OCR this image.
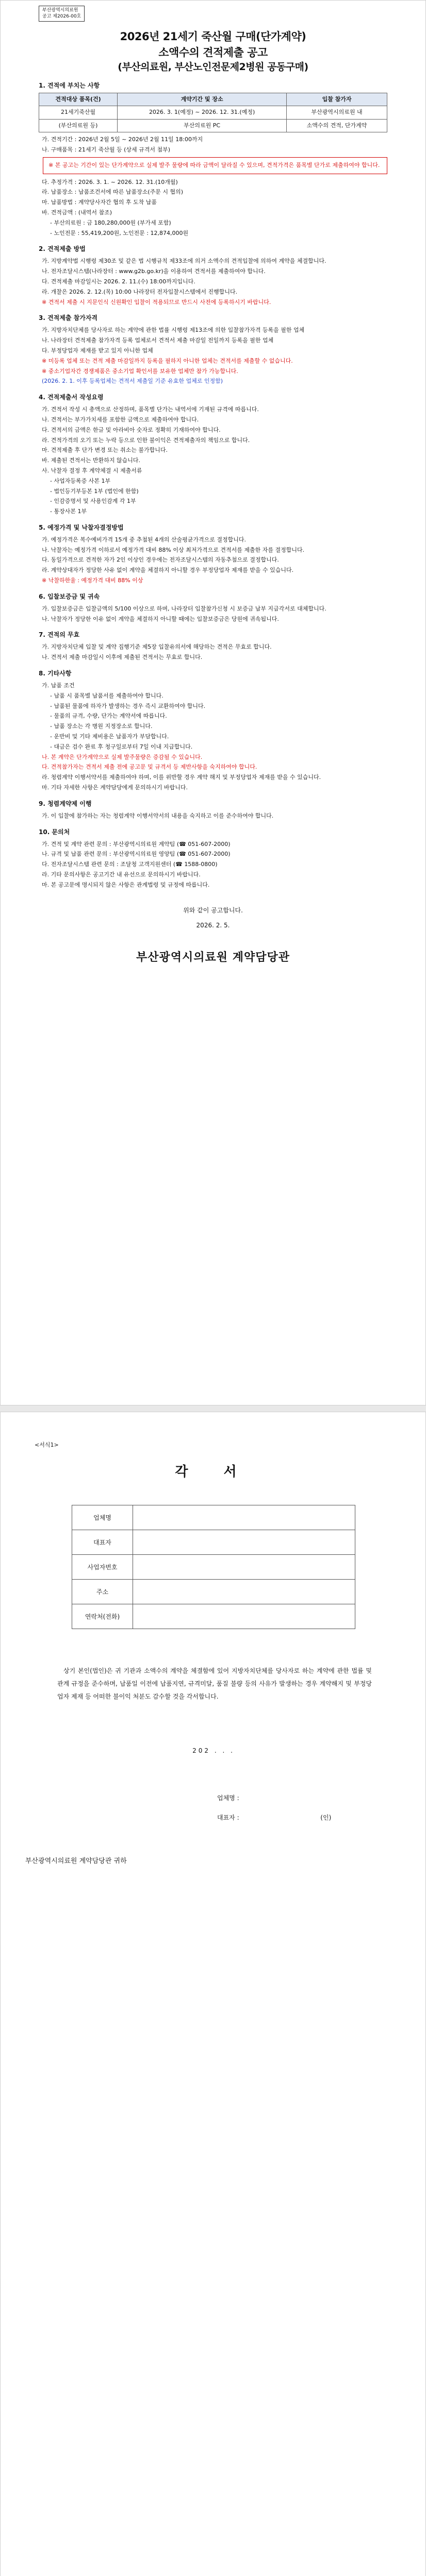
부산광역시의료원
공고 제2026-00호
2026년 21세기 죽산월 구매(단가계약)
소액수의 견적제출 공고
(부산의료원, 부산노인전문제2병원 공동구매)
1. 견적에 부치는 사항
견적대상 품목(건)	계약기간 및 장소	입찰 참가자
21세기죽산월	2026. 3. 1(예정) ~ 2026. 12. 31.(예정)	부산광역시의료원 내
(부산의료원 등)	부산의료원 PC	소액수의 견적, 단가계약
가. 견적기간 : 2026년 2월 5일 ~ 2026년 2월 11일 18:00까지
나. 구매품목 : 21세기 죽산월 등 (상세 규격서 첨부)
※ 본 공고는 기간이 있는 단가계약으로 실제 발주 물량에 따라 금액이 달라질 수 있으며, 견적가격은 품목별 단가로 제출하여야 합니다.
다. 추정가격 : 2026. 3. 1. ~ 2026. 12. 31.(10개월)
라. 납품장소 : 납품조건서에 따른 납품장소(주문 시 협의)
마. 납품방법 : 계약당사자간 협의 후 도착 납품
바. 견적금액 : (내역서 참조)
- 부산의료원 : 금 180,280,000원 (부가세 포함)
- 노인전문 : 55,419,200원, 노인전문 : 12,874,000원
2. 견적제출 방법
가. 지방계약법 시행령 제30조 및 같은 법 시행규칙 제33조에 의거 소액수의 견적입찰에 의하여 계약을 체결합니다.
나. 전자조달시스템(나라장터 : www.g2b.go.kr)을 이용하여 견적서를 제출하여야 합니다.
다. 견적제출 마감일시는 2026. 2. 11.(수) 18:00까지입니다.
라. 개찰은 2026. 2. 12.(목) 10:00 나라장터 전자입찰시스템에서 진행합니다.
※ 견적서 제출 시 지문인식 신원확인 입찰이 적용되므로 반드시 사전에 등록하시기 바랍니다.
3. 견적제출 참가자격
가. 지방자치단체를 당사자로 하는 계약에 관한 법률 시행령 제13조에 의한 입찰참가자격 등록을 필한 업체
나. 나라장터 견적제출 참가자격 등록 업체로서 견적서 제출 마감일 전일까지 등록을 필한 업체
다. 부정당업자 제재를 받고 있지 아니한 업체
※ 미등록 업체 또는 견적 제출 마감일까지 등록을 필하지 아니한 업체는 견적서를 제출할 수 없습니다.
※ 중소기업자간 경쟁제품은 중소기업 확인서를 보유한 업체만 참가 가능합니다.
(2026. 2. 1. 이후 등록업체는 견적서 제출일 기준 유효한 업체로 인정함)
4. 견적제출서 작성요령
가. 견적서 작성 시 총액으로 산정하며, 품목별 단가는 내역서에 기재된 규격에 따릅니다.
나. 견적서는 부가가치세를 포함한 금액으로 제출하여야 합니다.
다. 견적서의 금액은 한글 및 아라비아 숫자로 정확히 기재하여야 합니다.
라. 견적가격의 오기 또는 누락 등으로 인한 불이익은 견적제출자의 책임으로 합니다.
마. 견적제출 후 단가 변경 또는 취소는 불가합니다.
바. 제출된 견적서는 반환하지 않습니다.
사. 낙찰자 결정 후 계약체결 시 제출서류
- 사업자등록증 사본 1부
- 법인등기부등본 1부 (법인에 한함)
- 인감증명서 및 사용인감계 각 1부
- 통장사본 1부
5. 예정가격 및 낙찰자결정방법
가. 예정가격은 복수예비가격 15개 중 추첨된 4개의 산술평균가격으로 결정합니다.
나. 낙찰자는 예정가격 이하로서 예정가격 대비 88% 이상 최저가격으로 견적서를 제출한 자를 결정합니다.
다. 동일가격으로 견적한 자가 2인 이상인 경우에는 전자조달시스템의 자동추첨으로 결정합니다.
라. 계약상대자가 정당한 사유 없이 계약을 체결하지 아니할 경우 부정당업자 제재를 받을 수 있습니다.
※ 낙찰하한율 : 예정가격 대비 88% 이상
6. 입찰보증금 및 귀속
가. 입찰보증금은 입찰금액의 5/100 이상으로 하며, 나라장터 입찰참가신청 시 보증금 납부 지급각서로 대체합니다.
나. 낙찰자가 정당한 이유 없이 계약을 체결하지 아니할 때에는 입찰보증금은 당원에 귀속됩니다.
7. 견적의 무효
가. 지방자치단체 입찰 및 계약 집행기준 제5장 입찰유의서에 해당하는 견적은 무효로 합니다.
나. 견적서 제출 마감일시 이후에 제출된 견적서는 무효로 합니다.
8. 기타사항
가. 납품 조건
- 납품 시 품목별 납품서를 제출하여야 합니다.
- 납품된 물품에 하자가 발생하는 경우 즉시 교환하여야 합니다.
- 물품의 규격, 수량, 단가는 계약서에 따릅니다.
- 납품 장소는 각 병원 지정장소로 합니다.
- 운반비 및 기타 제비용은 납품자가 부담합니다.
- 대금은 검수 완료 후 청구일로부터 7일 이내 지급합니다.
나. 본 계약은 단가계약으로 실제 발주물량은 증감될 수 있습니다.
다. 견적참가자는 견적서 제출 전에 공고문 및 규격서 등 제반사항을 숙지하여야 합니다.
라. 청렴계약 이행서약서를 제출하여야 하며, 이를 위반할 경우 계약 해지 및 부정당업자 제재를 받을 수 있습니다.
마. 기타 자세한 사항은 계약담당에게 문의하시기 바랍니다.
9. 청렴계약제 이행
가. 이 입찰에 참가하는 자는 청렴계약 이행서약서의 내용을 숙지하고 이를 준수하여야 합니다.
10. 문의처
가. 견적 및 계약 관련 문의 : 부산광역시의료원 계약팀 (☎ 051-607-2000)
나. 규격 및 납품 관련 문의 : 부산광역시의료원 영양팀 (☎ 051-607-2000)
다. 전자조달시스템 관련 문의 : 조달청 고객지원센터 (☎ 1588-0800)
라. 기타 문의사항은 공고기간 내 유선으로 문의하시기 바랍니다.
마. 본 공고문에 명시되지 않은 사항은 관계법령 및 규정에 따릅니다.
위와 같이 공고합니다.
2026. 2. 5.
부산광역시의료원 계약담당관
<서식1>
각 서
업체명	
대표자	
사업자번호	
주소	
연락처(전화)	
상기 본인(법인)은 귀 기관과 소액수의 계약을 체결함에 있어 지방자치단체를 당사자로 하는 계약에 관한 법률 및 관계 규정을 준수하며, 납품일 이전에 납품지연, 규격미달, 품질 불량 등의 사유가 발생하는 경우 계약해지 및 부정당업자 제재 등 어떠한 불이익 처분도 감수할 것을 각서합니다.
202 . . .
업체명 :
대표자 :	(인)
부산광역시의료원 계약담당관 귀하
